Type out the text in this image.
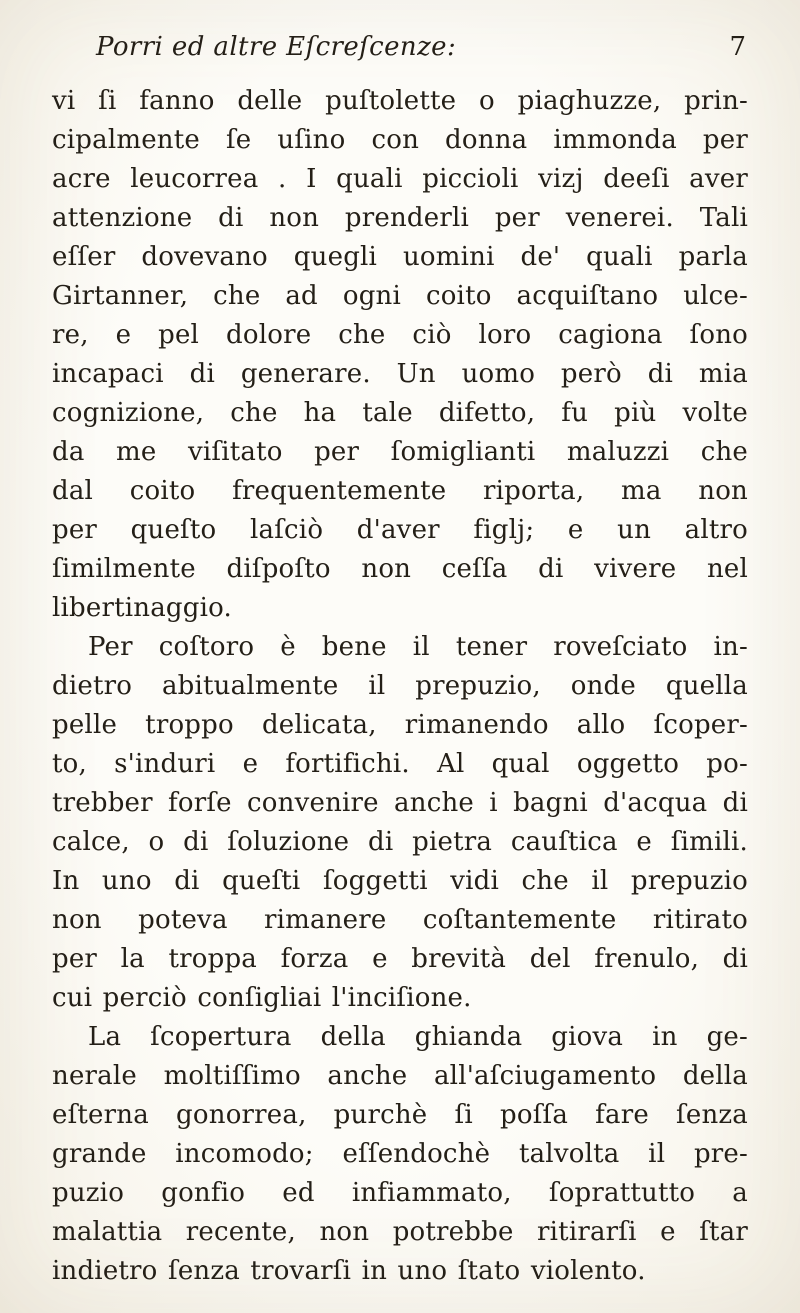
Porri ed altre Eſcreſcenze:	7
vi ſi fanno delle puſtolette o piaghuzze, prin-
cipalmente ſe uſino con donna immonda per
acre leucorrea . I quali piccioli vizj deeſi aver
attenzione di non prenderli per venerei. Tali
eſſer dovevano quegli uomini de' quali parla
Girtanner, che ad ogni coito acquiſtano ulce-
re, e pel dolore che ciò loro cagiona ſono
incapaci di generare. Un uomo però di mia
cognizione, che ha tale difetto, fu più volte
da me viſitato per ſomiglianti maluzzi che
dal coito frequentemente riporta, ma non
per queſto laſciò d'aver figlj; e un altro
ſimilmente diſpoſto non ceſſa di vivere nel
libertinaggio.
Per coſtoro è bene il tener roveſciato in-
dietro abitualmente il prepuzio, onde quella
pelle troppo delicata, rimanendo allo ſcoper-
to, s'induri e fortifichi. Al qual oggetto po-
trebber forſe convenire anche i bagni d'acqua di
calce, o di ſoluzione di pietra cauſtica e ſimili.
In uno di queſti ſoggetti vidi che il prepuzio
non poteva rimanere coſtantemente ritirato
per la troppa forza e brevità del frenulo, di
cui perciò conſigliai l'inciſione.
La ſcopertura della ghianda giova in ge-
nerale moltiſſimo anche all'aſciugamento della
eſterna gonorrea, purchè ſi poſſa fare ſenza
grande incomodo; eſſendochè talvolta il pre-
puzio gonfio ed infiammato, ſoprattutto a
malattia recente, non potrebbe ritirarſi e ſtar
indietro ſenza trovarſi in uno ſtato violento.
